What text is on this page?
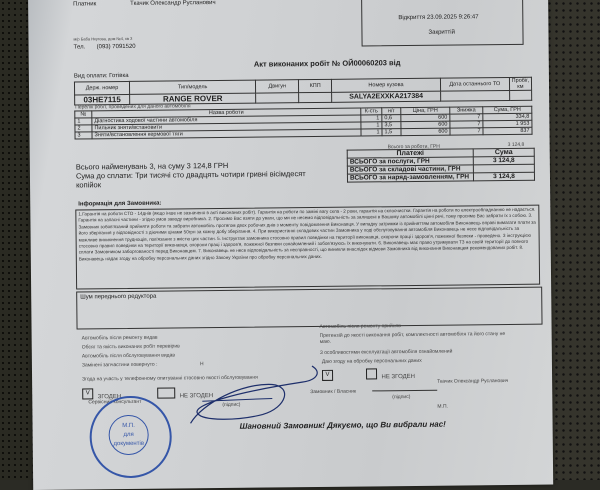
Платник	Ткачик Олександр Русланович
м/р Бабa Нкугова, дом №4, кв 3
Тел. (093) 7091520
Відкриття 23.09.2025 9:26:47
Закриттій
Акт виконаних робіт № ОЙ00060203 від
Вид оплати: Готівка
Держ. номер	Тип/модель	Двигун	КПП	Номер кузова	Дата останнього ТО	Пробіг, км
03НЕ7115	RANGE ROVER			SALYA2EXXKA217384		
Перелік робіт, проведених для даного автомобіля
№	Назва роботи	К-сть	н/г	Ціна, ГРН	Знижка	Сума, ГРН
1	Діагностика ходової частини автомобіля	1	0,6	600	7	334,8
2	Пильник зняти/встановити	1	3,5	600	7	1 953
3	Зняти/встановлення кермової тяги	1	1,5	600	7	837
Всього за роботи, ГРН	3 124,8
Всього найменувань 3, на суму 3 124,8 ГРН
Сума до сплати: Три тисячі сто двадцять чотири гривні вісімдесят
копійок
Платежі	Сума
ВСЬОГО за послуги, ГРН	3 124,8
ВСЬОГО за складові частини, ГРН	
ВСЬОГО за наряд-замовленням, ГРН	3 124,8
Інформація для Замовника:
1.Гарантія на роботи СТО - 14днів (якщо інше не зазначено в акті виконаних робіт). Гарантія на роботи по заміні вагу скла - 2 роки, гарантія на склоочистки. Гарантія на роботи по електрообладнанню не надається. Гарантія на запасні частини - згідно умов заводу виробника. 2. Просимо Вас взяти до уваги, що ми не несемо відповідальність за залишені в Вашому автомобілі цінні речі, тому просимо Вас забрати їх з собою. 3. Замовник зобов'язаний прийняти роботи та забрати автомобіль протягом двох робочих днів з моменту повідомлення Виконавця. У випадку затримки із прийняттям автомобіля Виконавець вправі вимагати плати за його зберігання у відповідності з діючими цінами 50грн за кожну добу зберігання. 4. При використанні складових частин Замовника у ході обслуговування автомобіля Виконавець не несе відповідальність за можливе виникнення труднощів, пов'язаних з якістю цих частин. 5. Інструктаж замовника стосовно правил поведінки на території виконавця, охорони праці і здоров'я, пожежної безпеки - проведено. З інструкцією стосовно правил поведінки на території виконавця, охорони праці і здоров'я, пожежної безпеки ознайомлений і зобов'язуюсь їх виконувати. 6. Виконавець має право утримувати ТЗ на своїй території до повного сплати Замовником заборгованості перед Виконавцем. 7. Виконавець не несе відповідальність за несправності, що виникли внаслідок відмови Замовника від виконання Виконавцем рекомендованих робіт. 8. Виконавець надає згоду на обробку персональних даних згідно Закону України про обробку персональних даних.
Шум переднього редуктора
Автомобіль після ремонту видав
Обсяг та якість виконаних робіт перевірив
Автомобіль після обслуговування видав
Замінені запчастини повернуто :	Н
Згода на участь у телефонному опитуванні стосовно якості обслуговування
V ЗГОДЕН	НЕ ЗГОДЕН
Сервісний консультант
Автомобіль після ремонту прийняв
Претензій до якості виконання робіт, комплектності автомобіля та його стану не маю.
З особливостями експлуатації автомобіля ознайомлений
Даю згоду на обробку персональних даних
V	НЕ ЗГОДЕН
Замовник / Власник
Ткачик Олександр Русланович
(підпис)
М.П.
М.П.
для
документів
(підпис)
Шановний Замовник! Дякуємо, що Ви вибрали нас!
